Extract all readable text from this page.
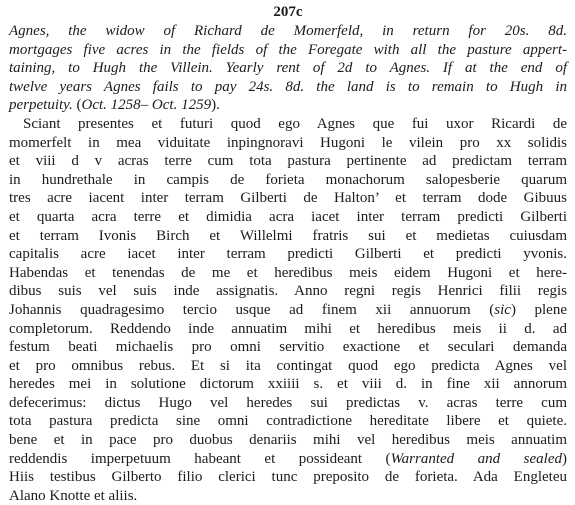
207c
Agnes, the widow of Richard de Momerfeld, in return for 20s. 8d.
mortgages five acres in the fields of the Foregate with all the pasture appert-
taining, to Hugh the Villein. Yearly rent of 2d to Agnes. If at the end of
twelve years Agnes fails to pay 24s. 8d. the land is to remain to Hugh in
perpetuity. (Oct. 1258– Oct. 1259).
Sciant presentes et futuri quod ego Agnes que fui uxor Ricardi de
momerfelt in mea viduitate inpingnoravi Hugoni le vilein pro xx solidis
et viii d v acras terre cum tota pastura pertinente ad predictam terram
in hundrethale in campis de forieta monachorum salopesberie quarum
tres acre iacent inter terram Gilberti de Halton’ et terram dode Gibuus
et quarta acra terre et dimidia acra iacet inter terram predicti Gilberti
et terram Ivonis Birch et Willelmi fratris sui et medietas cuiusdam
capitalis acre iacet inter terram predicti Gilberti et predicti yvonis.
Habendas et tenendas de me et heredibus meis eidem Hugoni et here-
dibus suis vel suis inde assignatis. Anno regni regis Henrici filii regis
Johannis quadragesimo tercio usque ad finem xii annuorum (sic) plene
completorum. Reddendo inde annuatim mihi et heredibus meis ii d. ad
festum beati michaelis pro omni servitio exactione et seculari demanda
et pro omnibus rebus. Et si ita contingat quod ego predicta Agnes vel
heredes mei in solutione dictorum xxiiii s. et viii d. in fine xii annorum
defecerimus: dictus Hugo vel heredes sui predictas v. acras terre cum
tota pastura predicta sine omni contradictione hereditate libere et quiete.
bene et in pace pro duobus denariis mihi vel heredibus meis annuatim
reddendis imperpetuum habeant et possideant (Warranted and sealed)
Hiis testibus Gilberto filio clerici tunc preposito de forieta. Ada Engleteu
Alano Knotte et aliis.
